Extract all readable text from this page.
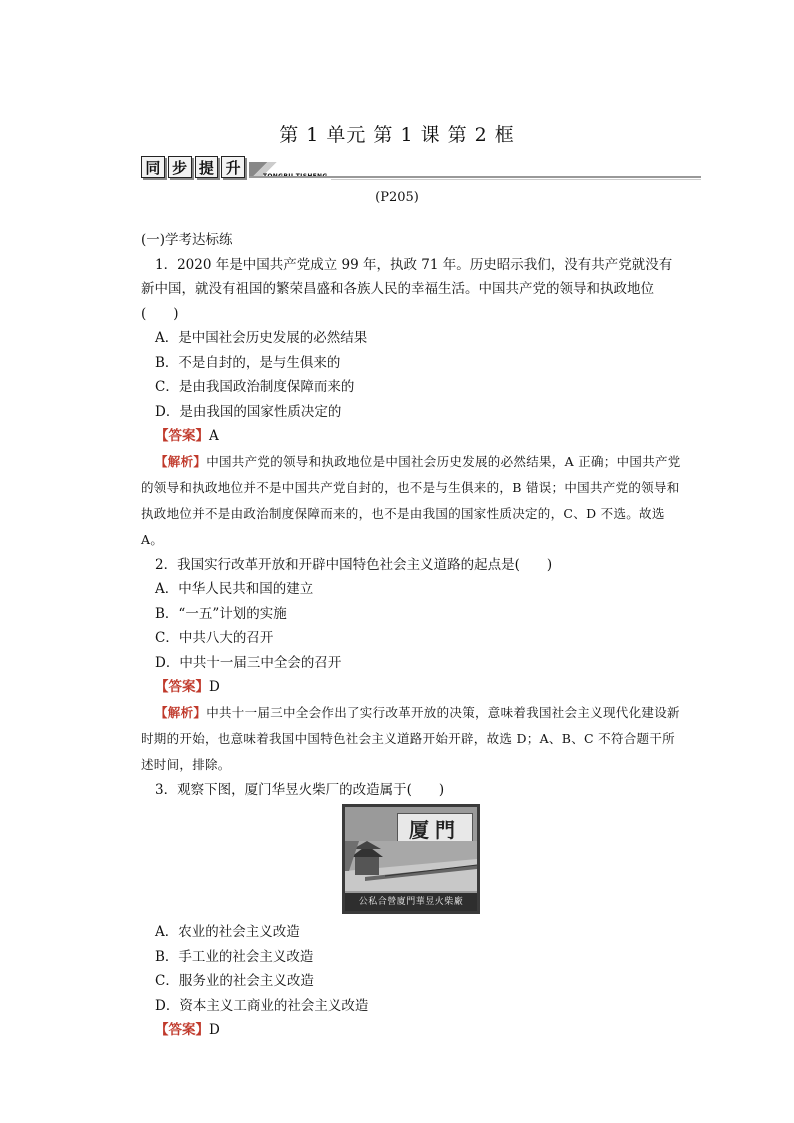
第 1 单元 第 1 课 第 2 框
同 步 提 升
(P205)
(一)学考达标练
1．2020 年是中国共产党成立 99 年，执政 71 年。历史昭示我们，没有共产党就没有新中国，就没有祖国的繁荣昌盛和各族人民的幸福生活。中国共产党的领导和执政地位(　　)
A．是中国社会历史发展的必然结果
B．不是自封的，是与生俱来的
C．是由我国政治制度保障而来的
D．是由我国的国家性质决定的
【答案】A
【解析】中国共产党的领导和执政地位是中国社会历史发展的必然结果，A 正确；中国共产党的领导和执政地位并不是中国共产党自封的，也不是与生俱来的，B 错误；中国共产党的领导和执政地位并不是由政治制度保障而来的，也不是由我国的国家性质决定的，C、D 不选。故选 A。
2．我国实行改革开放和开辟中国特色社会主义道路的起点是(　　)
A．中华人民共和国的建立
B．“一五”计划的实施
C．中共八大的召开
D．中共十一届三中全会的召开
【答案】D
【解析】中共十一届三中全会作出了实行改革开放的决策，意味着我国社会主义现代化建设新时期的开始，也意味着我国中国特色社会主义道路开始开辟，故选 D；A、B、C 不符合题干所述时间，排除。
3．观察下图，厦门华昱火柴厂的改造属于(　　)
厦門
公私合營廈門華昱火柴廠
A．农业的社会主义改造
B．手工业的社会主义改造
C．服务业的社会主义改造
D．资本主义工商业的社会主义改造
【答案】D
